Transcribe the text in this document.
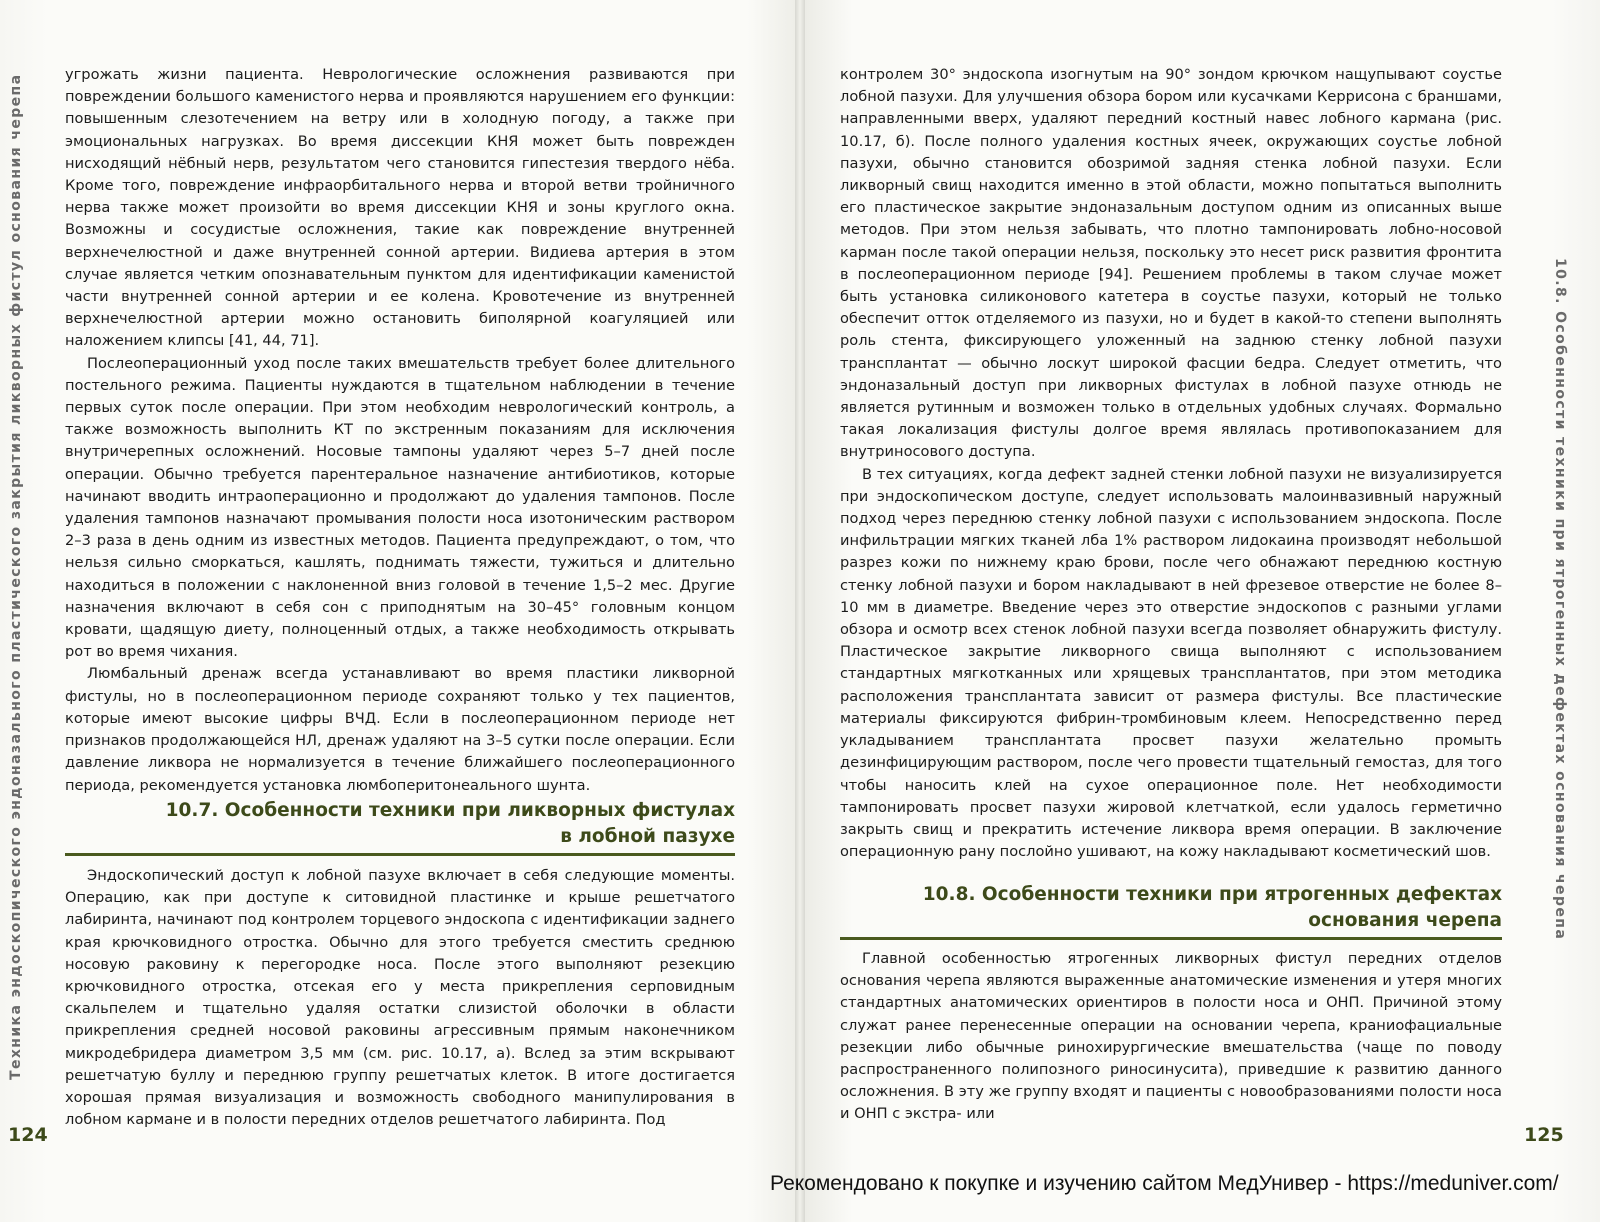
Техника эндоскопического эндоназального пластического закрытия ликворных фистул основания черепа	угрожать жизни пациента. Неврологические осложнения развиваются при повреждении большого каменистого нерва и проявляются нарушением его функции: повышенным слезотечением на ветру или в холодную погоду, а также при эмоциональных нагрузках. Во время диссекции КНЯ может быть поврежден нисходящий нёбный нерв, результатом чего становится гипестезия твердого нёба. Кроме того, повреждение инфраорбитального нерва и второй ветви тройничного нерва также может произойти во время диссекции КНЯ и зоны круглого окна. Возможны и сосудистые осложнения, такие как повреждение внутренней верхнечелюстной и даже внутренней сонной артерии. Видиева артерия в этом случае является четким опознавательным пунктом для идентификации каменистой части внутренней сонной артерии и ее колена. Кровотечение из внутренней верхнечелюстной артерии можно остановить биполярной коагуляцией или наложением клипсы [41, 44, 71].

Послеоперационный уход после таких вмешательств требует более длительного постельного режима. Пациенты нуждаются в тщательном наблюдении в течение первых суток после операции. При этом необходим неврологический контроль, а также возможность выполнить КТ по экстренным показаниям для исключения внутричерепных осложнений. Носовые тампоны удаляют через 5–7 дней после операции. Обычно требуется парентеральное назначение антибиотиков, которые начинают вводить интраоперационно и продолжают до удаления тампонов. После удаления тампонов назначают промывания полости носа изотоническим раствором 2–3 раза в день одним из известных методов. Пациента предупреждают, о том, что нельзя сильно сморкаться, кашлять, поднимать тяжести, тужиться и длительно находиться в положении с наклоненной вниз головой в течение 1,5–2 мес. Другие назначения включают в себя сон с приподнятым на 30–45° головным концом кровати, щадящую диету, полноценный отдых, а также необходимость открывать рот во время чихания.

Люмбальный дренаж всегда устанавливают во время пластики ликворной фистулы, но в послеоперационном периоде сохраняют только у тех пациентов, которые имеют высокие цифры ВЧД. Если в послеоперационном периоде нет признаков продолжающейся НЛ, дренаж удаляют на 3–5 сутки после операции. Если давление ликвора не нормализуется в течение ближайшего послеоперационного периода, рекомендуется установка люмбоперитонеального шунта.

10.7. Особенности техники при ликворных фистулах
в лобной пазухе

Эндоскопический доступ к лобной пазухе включает в себя следующие моменты. Операцию, как при доступе к ситовидной пластинке и крыше решетчатого лабиринта, начинают под контролем торцевого эндоскопа с идентификации заднего края крючковидного отростка. Обычно для этого требуется сместить среднюю носовую раковину к перегородке носа. После этого выполняют резекцию крючковидного отростка, отсекая его у места прикрепления серповидным скальпелем и тщательно удаляя остатки слизистой оболочки в области прикрепления средней носовой раковины агрессивным прямым наконечником микродебридера диаметром 3,5 мм (см. рис. 10.17, а). Вслед за этим вскрывают решетчатую буллу и переднюю группу решетчатых клеток. В итоге достигается хорошая прямая визуализация и возможность свободного манипулирования в лобном кармане и в полости передних отделов решетчатого лабиринта. Под

124

контролем 30° эндоскопа изогнутым на 90° зондом крючком нащупывают соустье лобной пазухи. Для улучшения обзора бором или кусачками Керрисона с браншами, направленными вверх, удаляют передний костный навес лобного кармана (рис. 10.17, б). После полного удаления костных ячеек, окружающих соустье лобной пазухи, обычно становится обозримой задняя стенка лобной пазухи. Если ликворный свищ находится именно в этой области, можно попытаться выполнить его пластическое закрытие эндоназальным доступом одним из описанных выше методов. При этом нельзя забывать, что плотно тампонировать лобно-носовой карман после такой операции нельзя, поскольку это несет риск развития фронтита в послеоперационном периоде [94]. Решением проблемы в таком случае может быть установка силиконового катетера в соустье пазухи, который не только обеспечит отток отделяемого из пазухи, но и будет в какой-то степени выполнять роль стента, фиксирующего уложенный на заднюю стенку лобной пазухи трансплантат — обычно лоскут широкой фасции бедра. Следует отметить, что эндоназальный доступ при ликворных фистулах в лобной пазухе отнюдь не является рутинным и возможен только в отдельных удобных случаях. Формально такая локализация фистулы долгое время являлась противопоказанием для внутриносового доступа.

В тех ситуациях, когда дефект задней стенки лобной пазухи не визуализируется при эндоскопическом доступе, следует использовать малоинвазивный наружный подход через переднюю стенку лобной пазухи с использованием эндоскопа. После инфильтрации мягких тканей лба 1% раствором лидокаина производят небольшой разрез кожи по нижнему краю брови, после чего обнажают переднюю костную стенку лобной пазухи и бором накладывают в ней фрезевое отверстие не более 8–10 мм в диаметре. Введение через это отверстие эндоскопов с разными углами обзора и осмотр всех стенок лобной пазухи всегда позволяет обнаружить фистулу. Пластическое закрытие ликворного свища выполняют с использованием стандартных мягкотканных или хрящевых трансплантатов, при этом методика расположения трансплантата зависит от размера фистулы. Все пластические материалы фиксируются фибрин-тромбиновым клеем. Непосредственно перед укладыванием трансплантата просвет пазухи желательно промыть дезинфицирующим раствором, после чего провести тщательный гемостаз, для того чтобы наносить клей на сухое операционное поле. Нет необходимости тампонировать просвет пазухи жировой клетчаткой, если удалось герметично закрыть свищ и прекратить истечение ликвора время операции. В заключение операционную рану послойно ушивают, на кожу накладывают косметический шов.

10.8. Особенности техники при ятрогенных дефектах
основания черепа

Главной особенностью ятрогенных ликворных фистул передних отделов основания черепа являются выраженные анатомические изменения и утеря многих стандартных анатомических ориентиров в полости носа и ОНП. Причиной этому служат ранее перенесенные операции на основании черепа, краниофациальные резекции либо обычные ринохирургические вмешательства (чаще по поводу распространенного полипозного риносинусита), приведшие к развитию данного осложнения. В эту же группу входят и пациенты с новообразованиями полости носа и ОНП с экстра- или

10.8. Особенности техники при ятрогенных дефектах основания черепа
125
Рекомендовано к покупке и изучению сайтом МедУнивер - https://meduniver.com/
